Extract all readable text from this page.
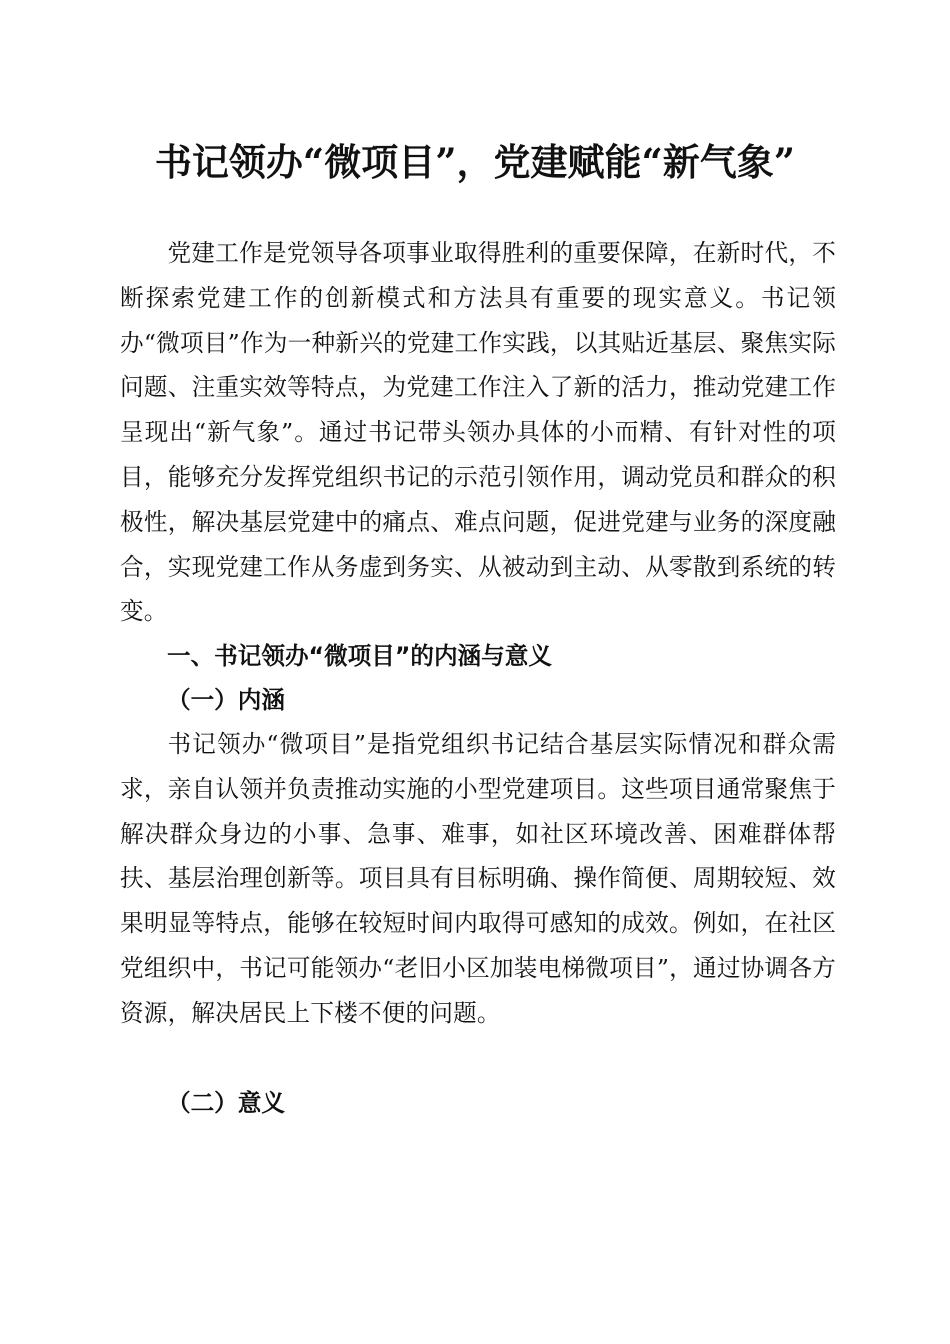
书记领办“微项目”，党建赋能“新气象”

党建工作是党领导各项事业取得胜利的重要保障，在新时代，不断探索党建工作的创新模式和方法具有重要的现实意义。书记领办“微项目”作为一种新兴的党建工作实践，以其贴近基层、聚焦实际问题、注重实效等特点，为党建工作注入了新的活力，推动党建工作呈现出“新气象”。通过书记带头领办具体的小而精、有针对性的项目，能够充分发挥党组织书记的示范引领作用，调动党员和群众的积极性，解决基层党建中的痛点、难点问题，促进党建与业务的深度融合，实现党建工作从务虚到务实、从被动到主动、从零散到系统的转变。

一、书记领办“微项目”的内涵与意义
（一）内涵

书记领办“微项目”是指党组织书记结合基层实际情况和群众需求，亲自认领并负责推动实施的小型党建项目。这些项目通常聚焦于解决群众身边的小事、急事、难事，如社区环境改善、困难群体帮扶、基层治理创新等。项目具有目标明确、操作简便、周期较短、效果明显等特点，能够在较短时间内取得可感知的成效。例如，在社区党组织中，书记可能领办“老旧小区加装电梯微项目”，通过协调各方资源，解决居民上下楼不便的问题。

（二）意义
